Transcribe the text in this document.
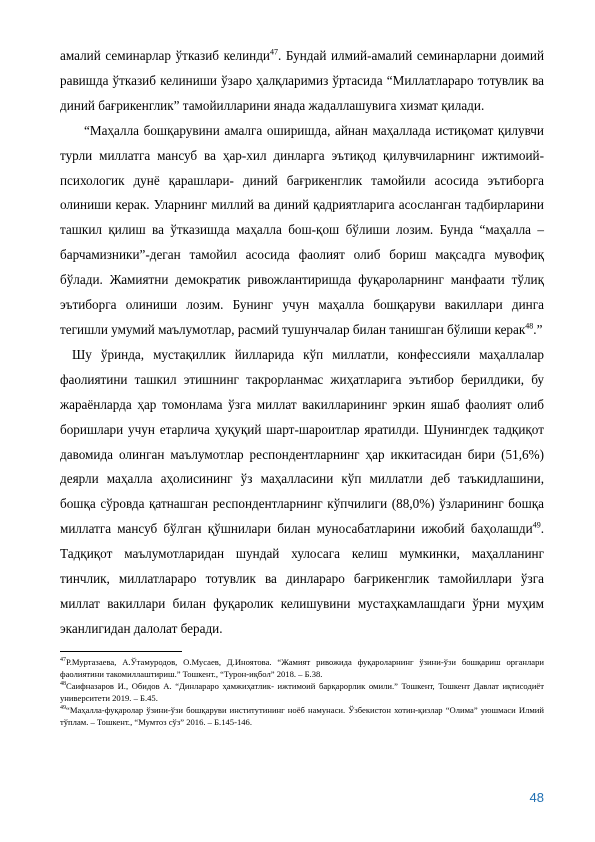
амалий семинарлар ўтказиб келинди$^{47}$. Бундай илмий-амалий семинарларни доимий равишда ўтказиб келиниши ўзаро ҳалқларимиз ўртасида “Миллатлараро тотувлик ва диний бағрикенглик” тамойилларини янада жадаллашувига хизмат қилади.

“Маҳалла бошқарувини амалга оширишда, айнан маҳаллада истиқомат қилувчи турли миллатга мансуб ва ҳар-хил динларга эътиқод қилувчиларнинг ижтимоий-психологик дунё қарашлари- диний бағрикенглик тамойили асосида эътиборга олиниши керак. Уларнинг миллий ва диний қадриятларига асосланган тадбирларини ташкил қилиш ва ўтказишда маҳалла бош-қош бўлиши лозим. Бунда “маҳалла – барчамизники”-деган тамойил асосида фаолият олиб бориш мақсадга мувофиқ бўлади. Жамиятни демократик ривожлантиришда фуқароларнинг манфаати тўлиқ эътиборга олиниши лозим. Бунинг учун маҳалла бошқаруви вакиллари динга тегишли умумий маълумотлар, расмий тушунчалар билан танишган бўлиши керак$^{48}$.”

Шу ўринда, мустақиллик йилларида кўп миллатли, конфессияли маҳаллалар фаолиятини ташкил этишнинг такрорланмас жиҳатларига эътибор берилдики, бу жараёнларда ҳар томонлама ўзга миллат вакилларининг эркин яшаб фаолият олиб боришлари учун етарлича ҳуқуқий шарт-шароитлар яратилди. Шунингдек тадқиқот давомида олинган маълумотлар респондентларнинг ҳар иккитасидан бири (51,6%) деярли маҳалла аҳолисининг ўз маҳалласини кўп миллатли деб таъкидлашини, бошқа сўровда қатнашган респондентларнинг кўпчилиги (88,0%) ўзларининг бошқа миллатга мансуб бўлган қўшнилари билан муносабатларини ижобий баҳолашди$^{49}$. Тадқиқот маълумотларидан шундай хулосага келиш мумкинки, маҳалланинг тинчлик, миллатлараро тотувлик ва динлараро бағрикенглик тамойиллари ўзга миллат вакиллари билан фуқаролик келишувини мустаҳкамлашдаги ўрни муҳим эканлигидан далолат беради.

$^{47}$Р.Муртазаева, А.Ўтамуродов, О.Мусаев, Д.Иноятова. “Жамият ривожида фуқароларнинг ўзини-ўзи бошқариш органлари фаолиятини такомиллаштириш.” Тошкент., “Турон-иқбол” 2018. – Б.38.

$^{48}$Саифназаров И., Обидов А. “Динлараро ҳамжиҳатлик- ижтимоий барқарорлик омили.” Тошкент, Тошкент Давлат иқтисодиёт университети 2019. – Б.45.

$^{49}$“Маҳалла-фуқаролар ўзини-ўзи бошқаруви институтининг ноёб намунаси. Ўзбекистон хотин-қизлар “Олима” уюшмаси Илмий тўплам. – Тошкент., “Мумтоз сўз” 2016. – Б.145-146.

48
